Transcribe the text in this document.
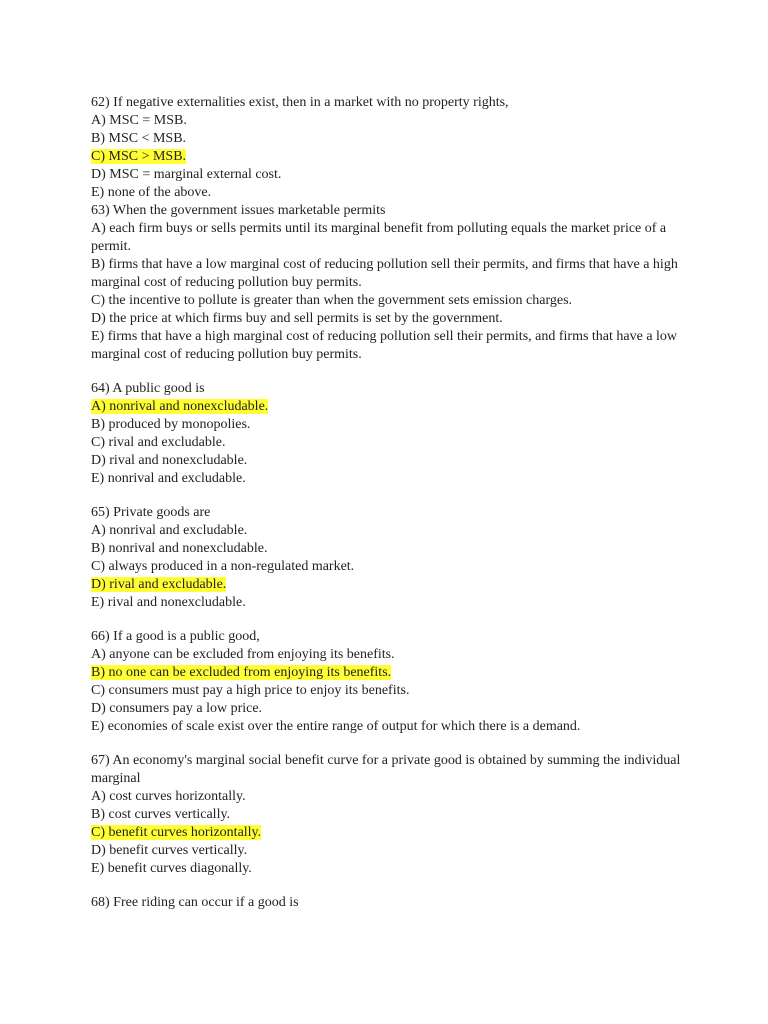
62) If negative externalities exist, then in a market with no property rights,
A) MSC = MSB.
B) MSC < MSB.
C) MSC > MSB.
D) MSC = marginal external cost.
E) none of the above.
63) When the government issues marketable permits
A) each firm buys or sells permits until its marginal benefit from polluting equals the market price of a permit.
B) firms that have a low marginal cost of reducing pollution sell their permits, and firms that have a high marginal cost of reducing pollution buy permits.
C) the incentive to pollute is greater than when the government sets emission charges.
D) the price at which firms buy and sell permits is set by the government.
E) firms that have a high marginal cost of reducing pollution sell their permits, and firms that have a low marginal cost of reducing pollution buy permits.
64) A public good is
A) nonrival and nonexcludable.
B) produced by monopolies.
C) rival and excludable.
D) rival and nonexcludable.
E) nonrival and excludable.
65) Private goods are
A) nonrival and excludable.
B) nonrival and nonexcludable.
C) always produced in a non-regulated market.
D) rival and excludable.
E) rival and nonexcludable.
66) If a good is a public good,
A) anyone can be excluded from enjoying its benefits.
B) no one can be excluded from enjoying its benefits.
C) consumers must pay a high price to enjoy its benefits.
D) consumers pay a low price.
E) economies of scale exist over the entire range of output for which there is a demand.
67) An economy's marginal social benefit curve for a private good is obtained by summing the individual marginal
A) cost curves horizontally.
B) cost curves vertically.
C) benefit curves horizontally.
D) benefit curves vertically.
E) benefit curves diagonally.
68) Free riding can occur if a good is
